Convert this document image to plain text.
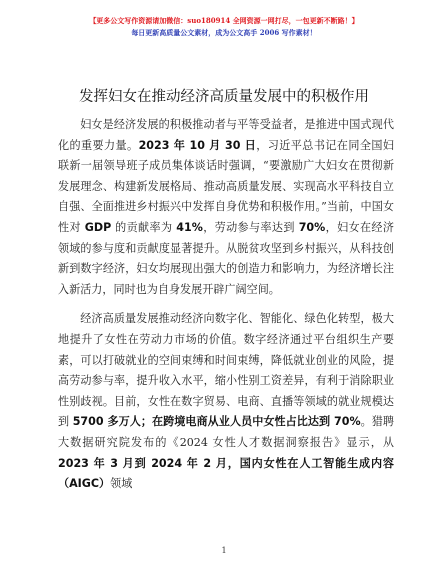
【更多公文写作资源请加微信：suo180914 全网资源一网打尽，一包更新不断路！】
每日更新高质量公文素材，成为公文高手 2006 写作素材！
发挥妇女在推动经济高质量发展中的积极作用

妇女是经济发展的积极推动者与平等受益者，是推进中国式现代化的重要力量。2023 年 10 月 30 日，习近平总书记在同全国妇联新一届领导班子成员集体谈话时强调，“要激励广大妇女在贯彻新发展理念、构建新发展格局、推动高质量发展、实现高水平科技自立自强、全面推进乡村振兴中发挥自身优势和积极作用。”当前，中国女性对 GDP 的贡献率为 41%，劳动参与率达到 70%，妇女在经济领域的参与度和贡献度显著提升。从脱贫攻坚到乡村振兴，从科技创新到数字经济，妇女均展现出强大的创造力和影响力，为经济增长注入新活力，同时也为自身发展开辟广阔空间。

经济高质量发展推动经济向数字化、智能化、绿色化转型，极大地提升了女性在劳动力市场的价值。数字经济通过平台组织生产要素，可以打破就业的空间束缚和时间束缚，降低就业创业的风险，提高劳动参与率，提升收入水平，缩小性别工资差异，有利于消除职业性别歧视。目前，女性在数字贸易、电商、直播等领域的就业规模达到 5700 多万人；在跨境电商从业人员中女性占比达到 70%。猎聘大数据研究院发布的《2024 女性人才数据洞察报告》显示，从 2023 年 3 月到 2024 年 2 月，国内女性在人工智能生成内容（AIGC）领域

1
